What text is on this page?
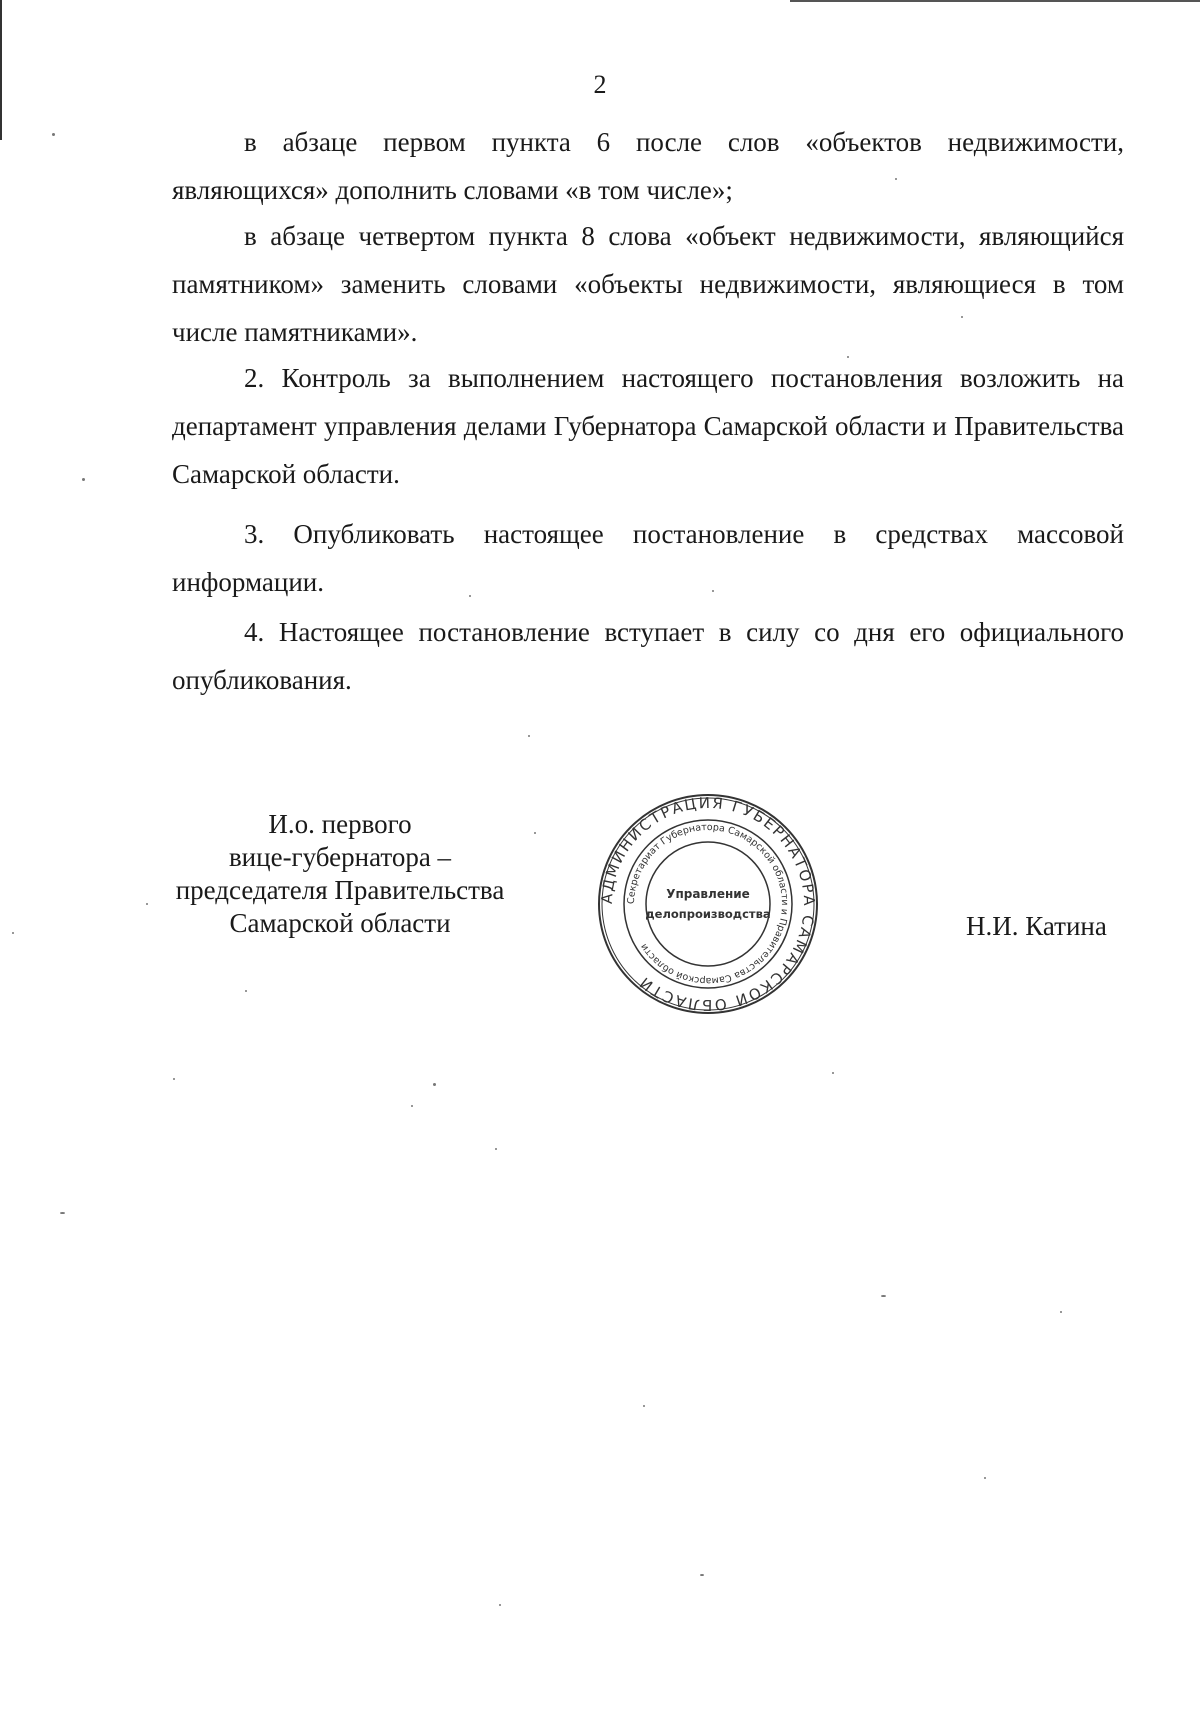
2

в абзаце первом пункта 6 после слов «объектов недвижимости, являющихся» дополнить словами «в том числе»;

в абзаце четвертом пункта 8 слова «объект недвижимости, являющийся памятником» заменить словами «объекты недвижимости, являющиеся в том числе памятниками».

2. Контроль за выполнением настоящего постановления возложить на департамент управления делами Губернатора Самарской области и Правительства Самарской области.

3. Опубликовать настоящее постановление в средствах массовой информации.

4. Настоящее постановление вступает в силу со дня его официального опубликования.

И.о. первого
вице-губернатора –
председателя Правительства
Самарской области
АДМИНИСТРАЦИЯ ГУБЕРНАТОРА САМАРСКОЙ ОБЛАСТИ
Секретариат Губернатора Самарской области и Правительства Самарской области
Управление
делопроизводства	Н.И. Катина
